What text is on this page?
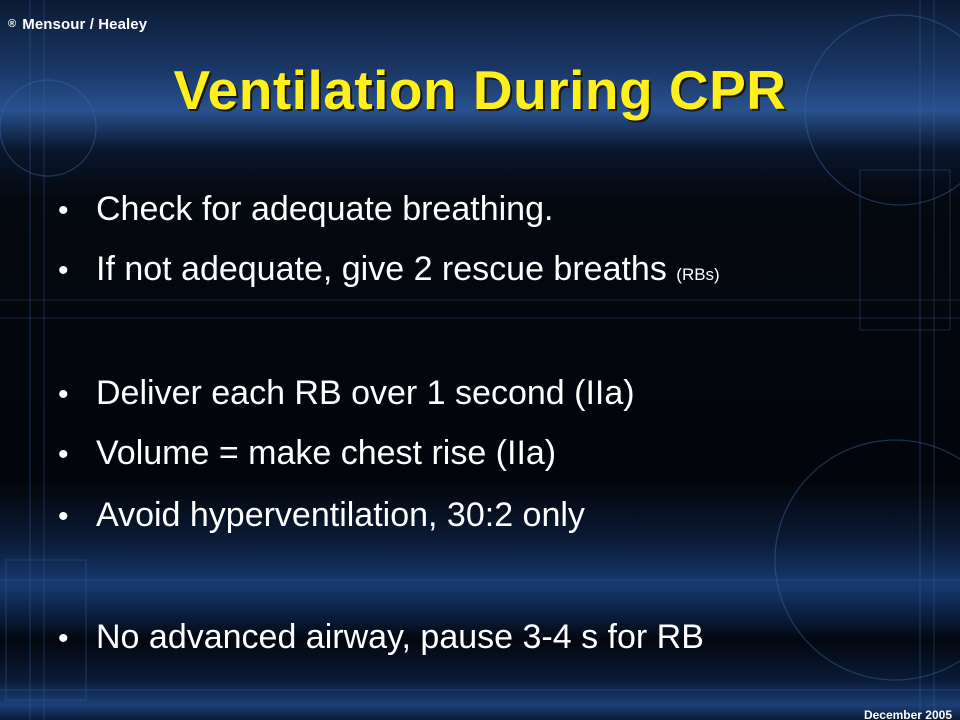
® Mensour / Healey
Ventilation During CPR
• Check for adequate breathing.
• If not adequate, give 2 rescue breaths (RBs)
• Deliver each RB over 1 second (IIa)
• Volume = make chest rise (IIa)
• Avoid hyperventilation, 30:2 only
• No advanced airway, pause 3-4 s for RB
December 2005
